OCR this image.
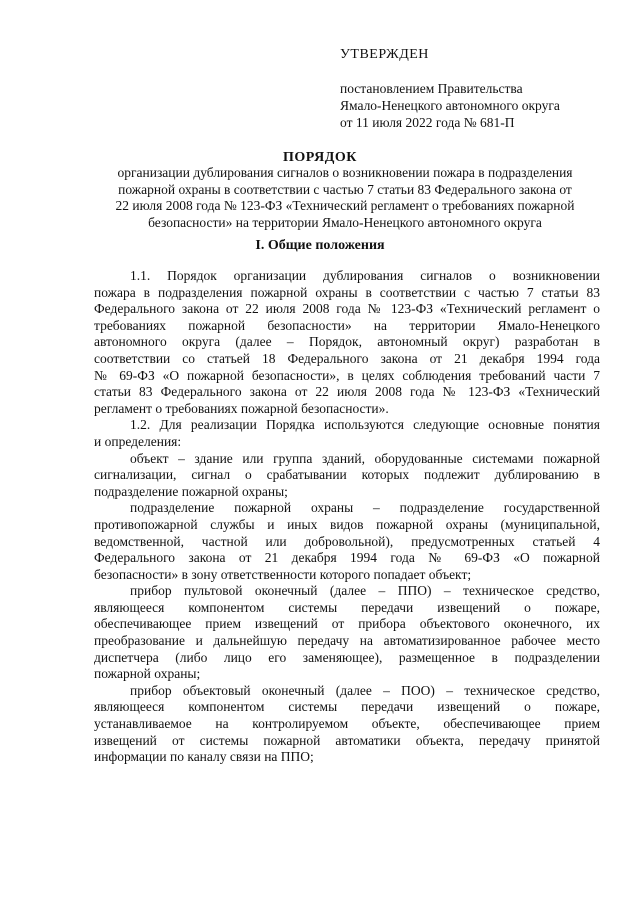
УТВЕРЖДЕН
постановлением Правительства
Ямало-Ненецкого автономного округа
от 11 июля 2022 года № 681-П
ПОРЯДОК
организации дублирования сигналов о возникновении пожара в подразделения
пожарной охраны в соответствии с частью 7 статьи 83 Федерального закона от
22 июля 2008 года № 123-ФЗ «Технический регламент о требованиях пожарной
безопасности» на территории Ямало-Ненецкого автономного округа
I. Общие положения
1.1. Порядок организации дублирования сигналов о возникновении
пожара в подразделения пожарной охраны в соответствии с частью 7 статьи 83
Федерального закона от 22 июля 2008 года № 123-ФЗ «Технический регламент о
требованиях пожарной безопасности» на территории Ямало-Ненецкого
автономного округа (далее – Порядок, автономный округ) разработан в
соответствии со статьей 18 Федерального закона от 21 декабря 1994 года
№ 69-ФЗ «О пожарной безопасности», в целях соблюдения требований части 7
статьи 83 Федерального закона от 22 июля 2008 года № 123-ФЗ «Технический
регламент о требованиях пожарной безопасности».
1.2. Для реализации Порядка используются следующие основные понятия
и определения:
объект – здание или группа зданий, оборудованные системами пожарной
сигнализации, сигнал о срабатывании которых подлежит дублированию в
подразделение пожарной охраны;
подразделение пожарной охраны – подразделение государственной
противопожарной службы и иных видов пожарной охраны (муниципальной,
ведомственной, частной или добровольной), предусмотренных статьей 4
Федерального закона от 21 декабря 1994 года № 69-ФЗ «О пожарной
безопасности» в зону ответственности которого попадает объект;
прибор пультовой оконечный (далее – ППО) – техническое средство,
являющееся компонентом системы передачи извещений о пожаре,
обеспечивающее прием извещений от прибора объектового оконечного, их
преобразование и дальнейшую передачу на автоматизированное рабочее место
диспетчера (либо лицо его заменяющее), размещенное в подразделении
пожарной охраны;
прибор объектовый оконечный (далее – ПОО) – техническое средство,
являющееся компонентом системы передачи извещений о пожаре,
устанавливаемое на контролируемом объекте, обеспечивающее прием
извещений от системы пожарной автоматики объекта, передачу принятой
информации по каналу связи на ППО;
